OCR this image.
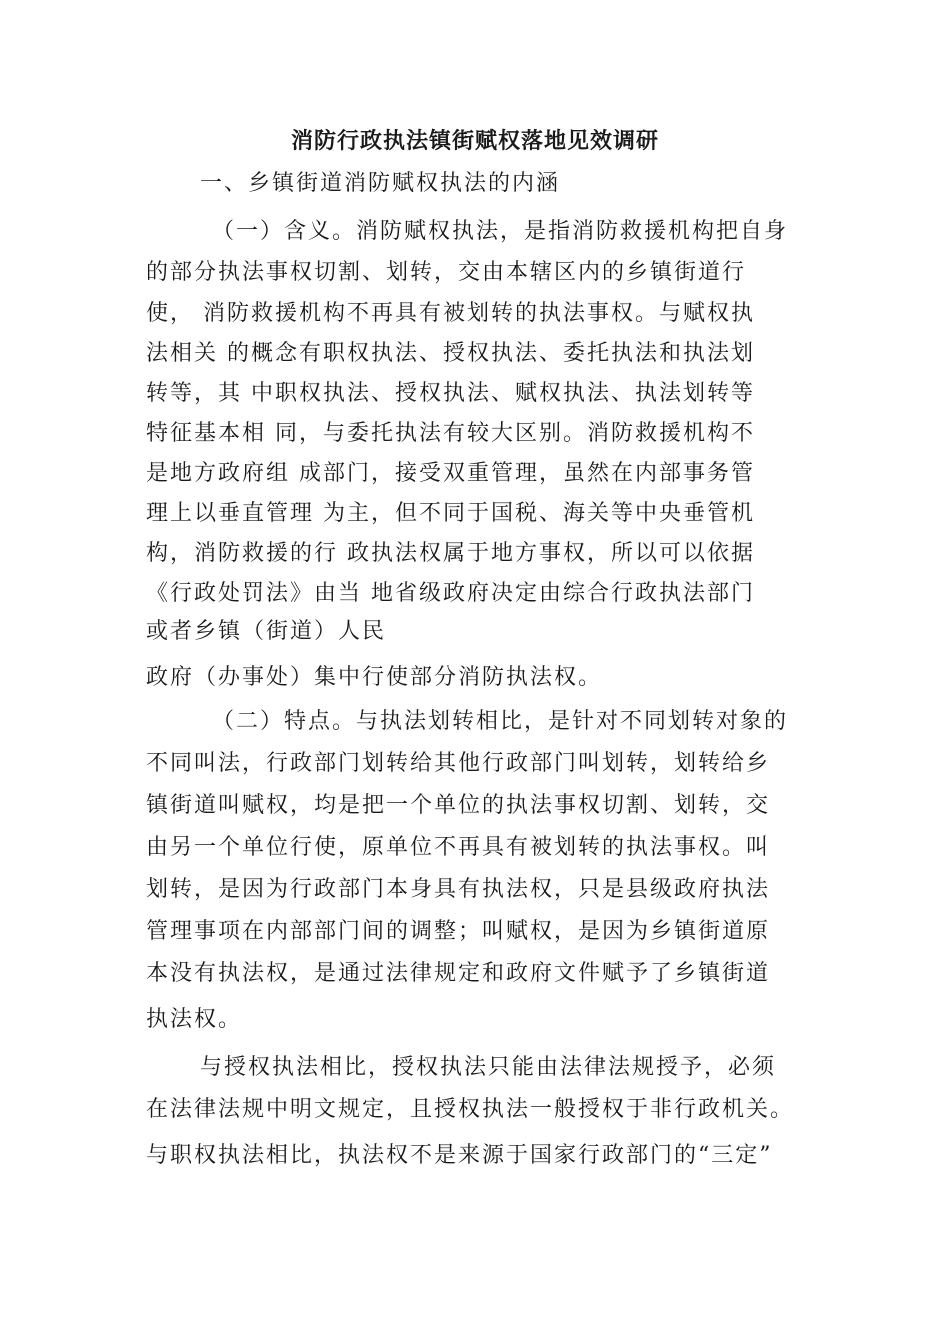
消防行政执法镇街赋权落地见效调研
一、乡镇街道消防赋权执法的内涵
（一）含义。消防赋权执法，是指消防救援机构把自身
的部分执法事权切割、划转，交由本辖区内的乡镇街道行
使， 消防救援机构不再具有被划转的执法事权。与赋权执
法相关 的概念有职权执法、授权执法、委托执法和执法划
转等，其 中职权执法、授权执法、赋权执法、执法划转等
特征基本相 同，与委托执法有较大区别。消防救援机构不
是地方政府组 成部门，接受双重管理，虽然在内部事务管
理上以垂直管理 为主，但不同于国税、海关等中央垂管机
构，消防救援的行 政执法权属于地方事权，所以可以依据
《行政处罚法》由当 地省级政府决定由综合行政执法部门
或者乡镇（街道）人民
政府（办事处）集中行使部分消防执法权。
（二）特点。与执法划转相比，是针对不同划转对象的
不同叫法，行政部门划转给其他行政部门叫划转，划转给乡
镇街道叫赋权，均是把一个单位的执法事权切割、划转，交
由另一个单位行使，原单位不再具有被划转的执法事权。叫
划转，是因为行政部门本身具有执法权，只是县级政府执法
管理事项在内部部门间的调整；叫赋权，是因为乡镇街道原
本没有执法权，是通过法律规定和政府文件赋予了乡镇街道
执法权。
与授权执法相比，授权执法只能由法律法规授予，必须
在法律法规中明文规定，且授权执法一般授权于非行政机关。
与职权执法相比，执法权不是来源于国家行政部门的“三定”
